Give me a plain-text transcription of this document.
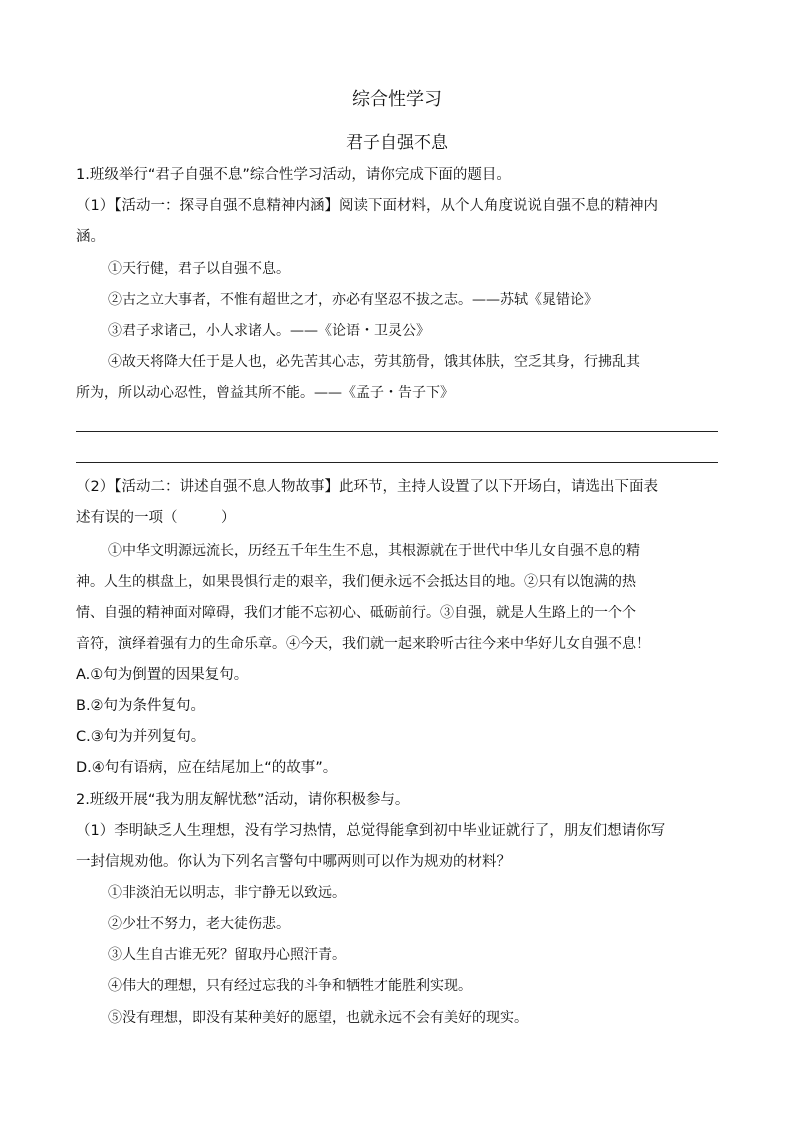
综合性学习
君子自强不息
1.班级举行“君子自强不息”综合性学习活动，请你完成下面的题目。
（1）【活动一：探寻自强不息精神内涵】阅读下面材料，从个人角度说说自强不息的精神内
涵。
①天行健，君子以自强不息。
②古之立大事者，不惟有超世之才，亦必有坚忍不拔之志。——苏轼《晁错论》
③君子求诸己，小人求诸人。——《论语・卫灵公》
④故天将降大任于是人也，必先苦其心志，劳其筋骨，饿其体肤，空乏其身，行拂乱其
所为，所以动心忍性，曾益其所不能。——《孟子・告子下》
（2）【活动二：讲述自强不息人物故事】此环节，主持人设置了以下开场白，请选出下面表
述有误的一项（　　　）
①中华文明源远流长，历经五千年生生不息，其根源就在于世代中华儿女自强不息的精
神。人生的棋盘上，如果畏惧行走的艰辛，我们便永远不会抵达目的地。②只有以饱满的热
情、自强的精神面对障碍，我们才能不忘初心、砥砺前行。③自强，就是人生路上的一个个
音符，演绎着强有力的生命乐章。④今天，我们就一起来聆听古往今来中华好儿女自强不息！
A.①句为倒置的因果复句。
B.②句为条件复句。
C.③句为并列复句。
D.④句有语病，应在结尾加上“的故事”。
2.班级开展“我为朋友解忧愁”活动，请你积极参与。
（1）李明缺乏人生理想，没有学习热情，总觉得能拿到初中毕业证就行了，朋友们想请你写
一封信规劝他。你认为下列名言警句中哪两则可以作为规劝的材料？
①非淡泊无以明志，非宁静无以致远。
②少壮不努力，老大徒伤悲。
③人生自古谁无死？留取丹心照汗青。
④伟大的理想，只有经过忘我的斗争和牺牲才能胜利实现。
⑤没有理想，即没有某种美好的愿望，也就永远不会有美好的现实。
